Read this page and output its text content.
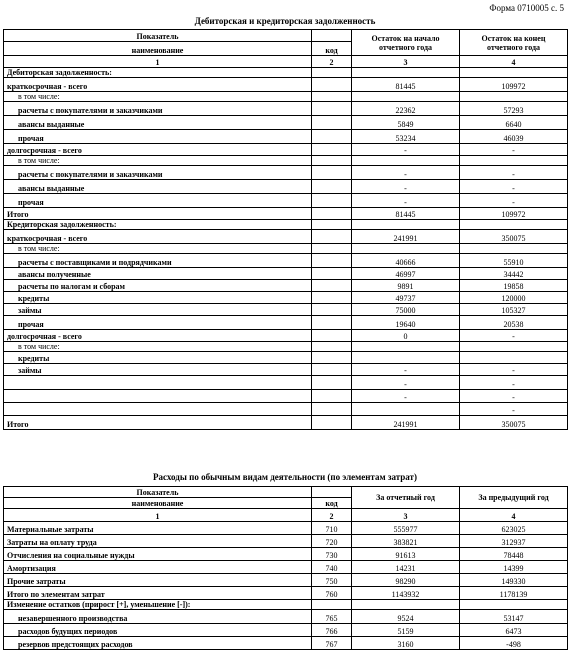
Форма 0710005 с. 5
Дебиторская и кредиторская задолженность
Показатель		Остаток на начало отчетного года	Остаток на конец отчетного года
наименование	код		
1	2	3	4
Дебиторская задолженность:			
краткосрочная - всего		81445	109972
в том числе:			
расчеты с покупателями и заказчиками		22362	57293
авансы выданные		5849	6640
прочая		53234	46039
долгосрочная - всего		-	-
в том числе:			
расчеты с покупателями и заказчиками		-	-
авансы выданные		-	-
прочая		-	-
Итого		81445	109972
Кредиторская задолженность:			
краткосрочная - всего		241991	350075
в том числе:			
расчеты с поставщиками и подрядчиками		40666	55910
авансы полученные		46997	34442
расчеты по налогам и сборам		9891	19858
кредиты		49737	120000
займы		75000	105327
прочая		19640	20538
долгосрочная - всего		0	-
в том числе:			
кредиты			
займы		-	-
		-	-
		-	-
			-
Итого		241991	350075
Расходы по обычным видам деятельности (по элементам затрат)
Показатель		За отчетный год	За предыдущий год
наименование	код		
1	2	3	4
Материальные затраты	710	555977	623025
Затраты на оплату труда	720	383821	312937
Отчисления на социальные нужды	730	91613	78448
Амортизация	740	14231	14399
Прочие затраты	750	98290	149330
Итого по элементам затрат	760	1143932	1178139
Изменение остатков (прирост [+], уменьшение [-]):			
незавершенного производства	765	9524	53147
расходов будущих периодов	766	5159	6473
резервов предстоящих расходов	767	3160	-498
